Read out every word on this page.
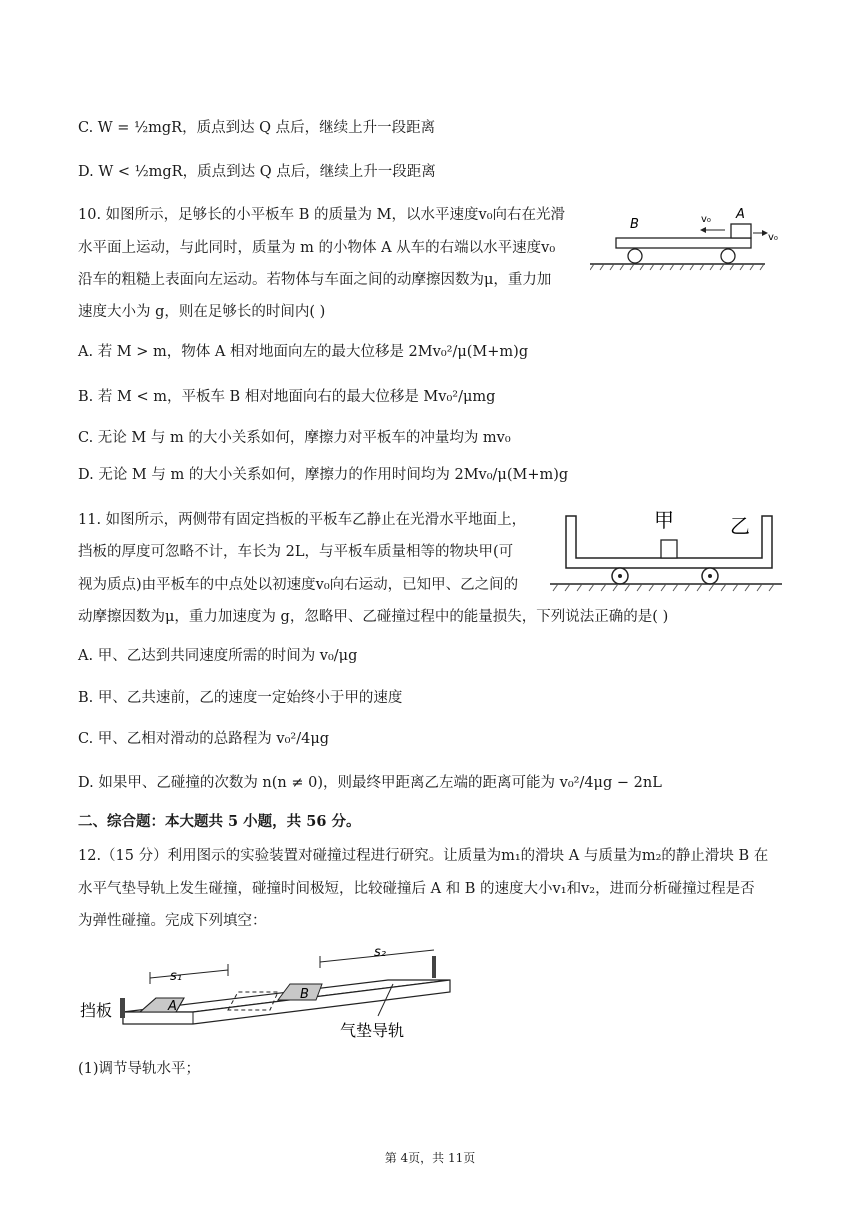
C. W = ½mgR，质点到达 Q 点后，继续上升一段距离
D. W < ½mgR，质点到达 Q 点后，继续上升一段距离
10. 如图所示，足够长的小平板车 B 的质量为 M，以水平速度v₀向右在光滑
水平面上运动，与此同时，质量为 m 的小物体 A 从车的右端以水平速度v₀
沿车的粗糙上表面向左运动。若物体与车面之间的动摩擦因数为μ，重力加
速度大小为 g，则在足够长的时间内( )
A. 若 M > m，物体 A 相对地面向左的最大位移是 2Mv₀²/μ(M+m)g
B. 若 M < m，平板车 B 相对地面向右的最大位移是 Mv₀²/μmg
C. 无论 M 与 m 的大小关系如何，摩擦力对平板车的冲量均为 mv₀
D. 无论 M 与 m 的大小关系如何，摩擦力的作用时间均为 2Mv₀/μ(M+m)g
B
A
v₀
v₀
11. 如图所示，两侧带有固定挡板的平板车乙静止在光滑水平地面上，
挡板的厚度可忽略不计，车长为 2L，与平板车质量相等的物块甲(可
视为质点)由平板车的中点处以初速度v₀向右运动，已知甲、乙之间的
动摩擦因数为μ，重力加速度为 g，忽略甲、乙碰撞过程中的能量损失，下列说法正确的是( )
A. 甲、乙达到共同速度所需的时间为 v₀/μg
B. 甲、乙共速前，乙的速度一定始终小于甲的速度
C. 甲、乙相对滑动的总路程为 v₀²/4μg
D. 如果甲、乙碰撞的次数为 n(n ≠ 0)，则最终甲距离乙左端的距离可能为 v₀²/4μg − 2nL
甲	乙
二、综合题：本大题共 5 小题，共 56 分。
12.（15 分）利用图示的实验装置对碰撞过程进行研究。让质量为m₁的滑块 A 与质量为m₂的静止滑块 B 在
水平气垫导轨上发生碰撞，碰撞时间极短，比较碰撞后 A 和 B 的速度大小v₁和v₂，进而分析碰撞过程是否
为弹性碰撞。完成下列填空：
A
B
s₁
s₂
挡板
气垫导轨
(1)调节导轨水平；
第 4页，共 11页
